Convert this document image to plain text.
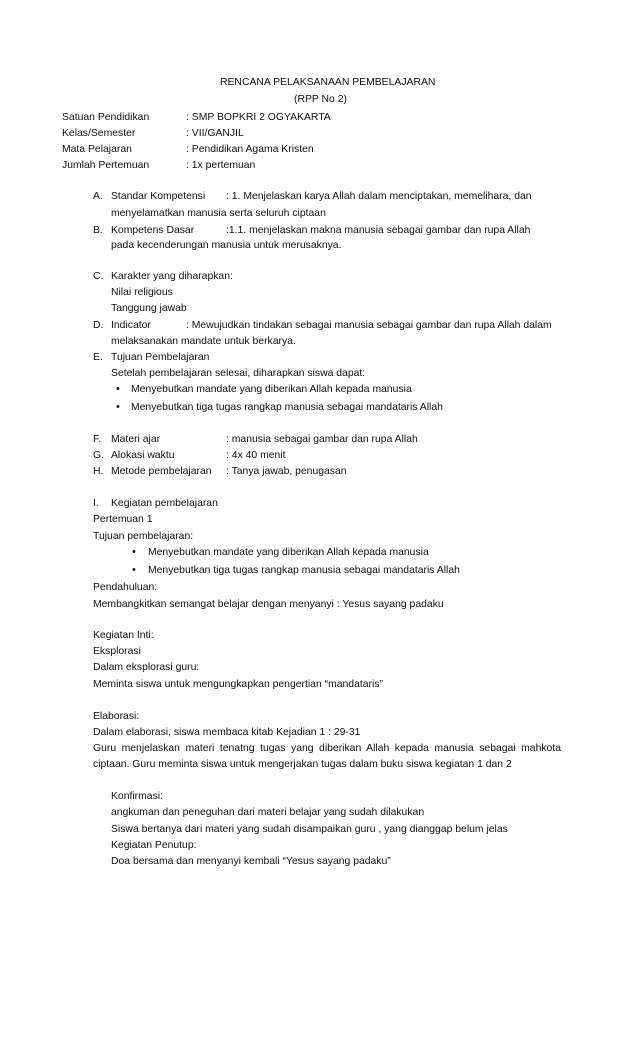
RENCANA PELAKSANAAN PEMBELAJARAN
(RPP No 2)
Satuan Pendidikan	: SMP BOPKRI 2 OGYAKARTA
Kelas/Semester	: VII/GANJIL
Mata Pelajaran	: Pendidikan Agama Kristen
Jumlah Pertemuan	: 1x pertemuan
A. Standar Kompetensi : 1. Menjelaskan karya Allah dalam menciptakan, memelihara, dan
menyelamatkan manusia serta seluruh ciptaan
B. Kompetens Dasar	:1.1. menjelaskan makna manusia sebagai gambar dan rupa Allah
pada kecenderungan manusia untuk merusaknya.
C. Karakter yang diharapkan:
Nilai religious
Tanggung jawab
D. Indicator	: Mewujudkan tindakan sebagai manusia sebagai gambar dan rupa Allah dalam
melaksanakan mandate untuk berkarya.
E. Tujuan Pembelajaran
Setelah pembelajaran selesai, diharapkan siswa dapat:
• Menyebutkan mandate yang diberikan Allah kepada manusia
• Menyebutkan tiga tugas rangkap manusia sebagai mandataris Allah
F. Materi ajar	: manusia sebagai gambar dan rupa Allah
G. Alokasi waktu	: 4x 40 menit
H. Metode pembelajaran : Tanya jawab, penugasan
I. Kegiatan pembelajaran
Pertemuan 1
Tujuan pembelajaran:
• Menyebutkan mandate yang diberikan Allah kepada manusia
• Menyebutkan tiga tugas rangkap manusia sebagai mandataris Allah
Pendahuluan:
Membangkitkan semangat belajar dengan menyanyi : Yesus sayang padaku
Kegiatan Inti:
Eksplorasi
Dalam eksplorasi guru:
Meminta siswa untuk mengungkapkan pengertian “mandataris”
Elaborasi:
Dalam elaborasi, siswa membaca kitab Kejadian 1 : 29-31
Guru menjelaskan materi tenatng tugas yang diberikan Allah kepada manusia sebagai mahkota
ciptaan. Guru meminta siswa untuk mengerjakan tugas dalam buku siswa kegiatan 1 dan 2
Konfirmasi:
angkuman dan peneguhan dari materi belajar yang sudah dilakukan
Siswa bertanya dari materi yang sudah disampaikan guru , yang dianggap belum jelas
Kegiatan Penutup:
Doa bersama dan menyanyi kembali “Yesus sayang padaku”
